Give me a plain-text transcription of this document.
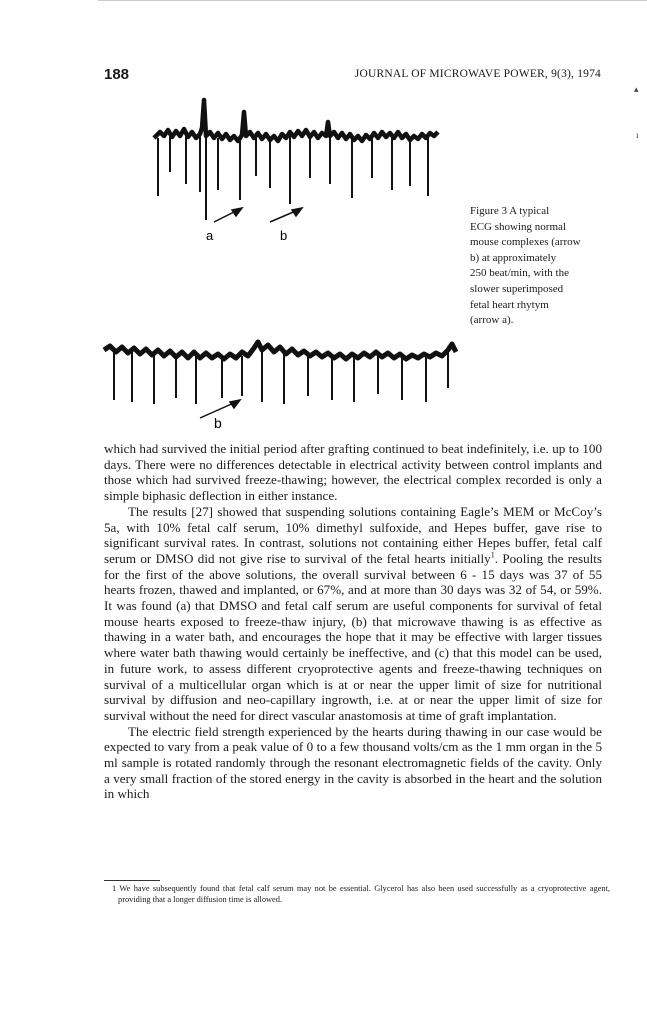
188	JOURNAL OF MICROWAVE POWER, 9(3), 1974
▴
ı
a	b
Figure 3 A typical
ECG showing normal
mouse complexes (arrow
b) at approximately
250 beat/min, with the
slower superimposed
fetal heart rhytym
(arrow a).
b

which had survived the initial period after grafting continued to beat indefinitely, i.e. up to 100 days. There were no differences detectable in electrical activity between control implants and those which had survived freeze-thawing; however, the electrical complex recorded is only a simple biphasic deflection in either instance.

The results [27] showed that suspending solutions containing Eagle’s MEM or McCoy’s 5a, with 10% fetal calf serum, 10% dimethyl sulfoxide, and Hepes buffer, gave rise to significant survival rates. In contrast, solutions not containing either Hepes buffer, fetal calf serum or DMSO did not give rise to survival of the fetal hearts initially$^1$. Pooling the results for the first of the above solutions, the overall survival between 6 - 15 days was 37 of 55 hearts frozen, thawed and implanted, or 67%, and at more than 30 days was 32 of 54, or 59%. It was found (a) that DMSO and fetal calf serum are useful components for survival of fetal mouse hearts exposed to freeze-thaw injury, (b) that microwave thawing is as effective as thawing in a water bath, and encourages the hope that it may be effective with larger tissues where water bath thawing would certainly be ineffective, and (c) that this model can be used, in future work, to assess different cryoprotective agents and freeze-thawing techniques on survival of a multicellular organ which is at or near the upper limit of size for nutritional survival by diffusion and neo-capillary ingrowth, i.e. at or near the upper limit of size for survival without the need for direct vascular anastomosis at time of graft implantation.

The electric field strength experienced by the hearts during thawing in our case would be expected to vary from a peak value of 0 to a few thousand volts/cm as the 1 mm organ in the 5 ml sample is rotated randomly through the resonant electromagnetic fields of the cavity. Only a very small fraction of the stored energy in the cavity is absorbed in the heart and the solution in which

1 We have subsequently found that fetal calf serum may not be essential. Glycerol has also been used successfully as a cryoprotective agent, providing that a longer diffusion time is allowed.
